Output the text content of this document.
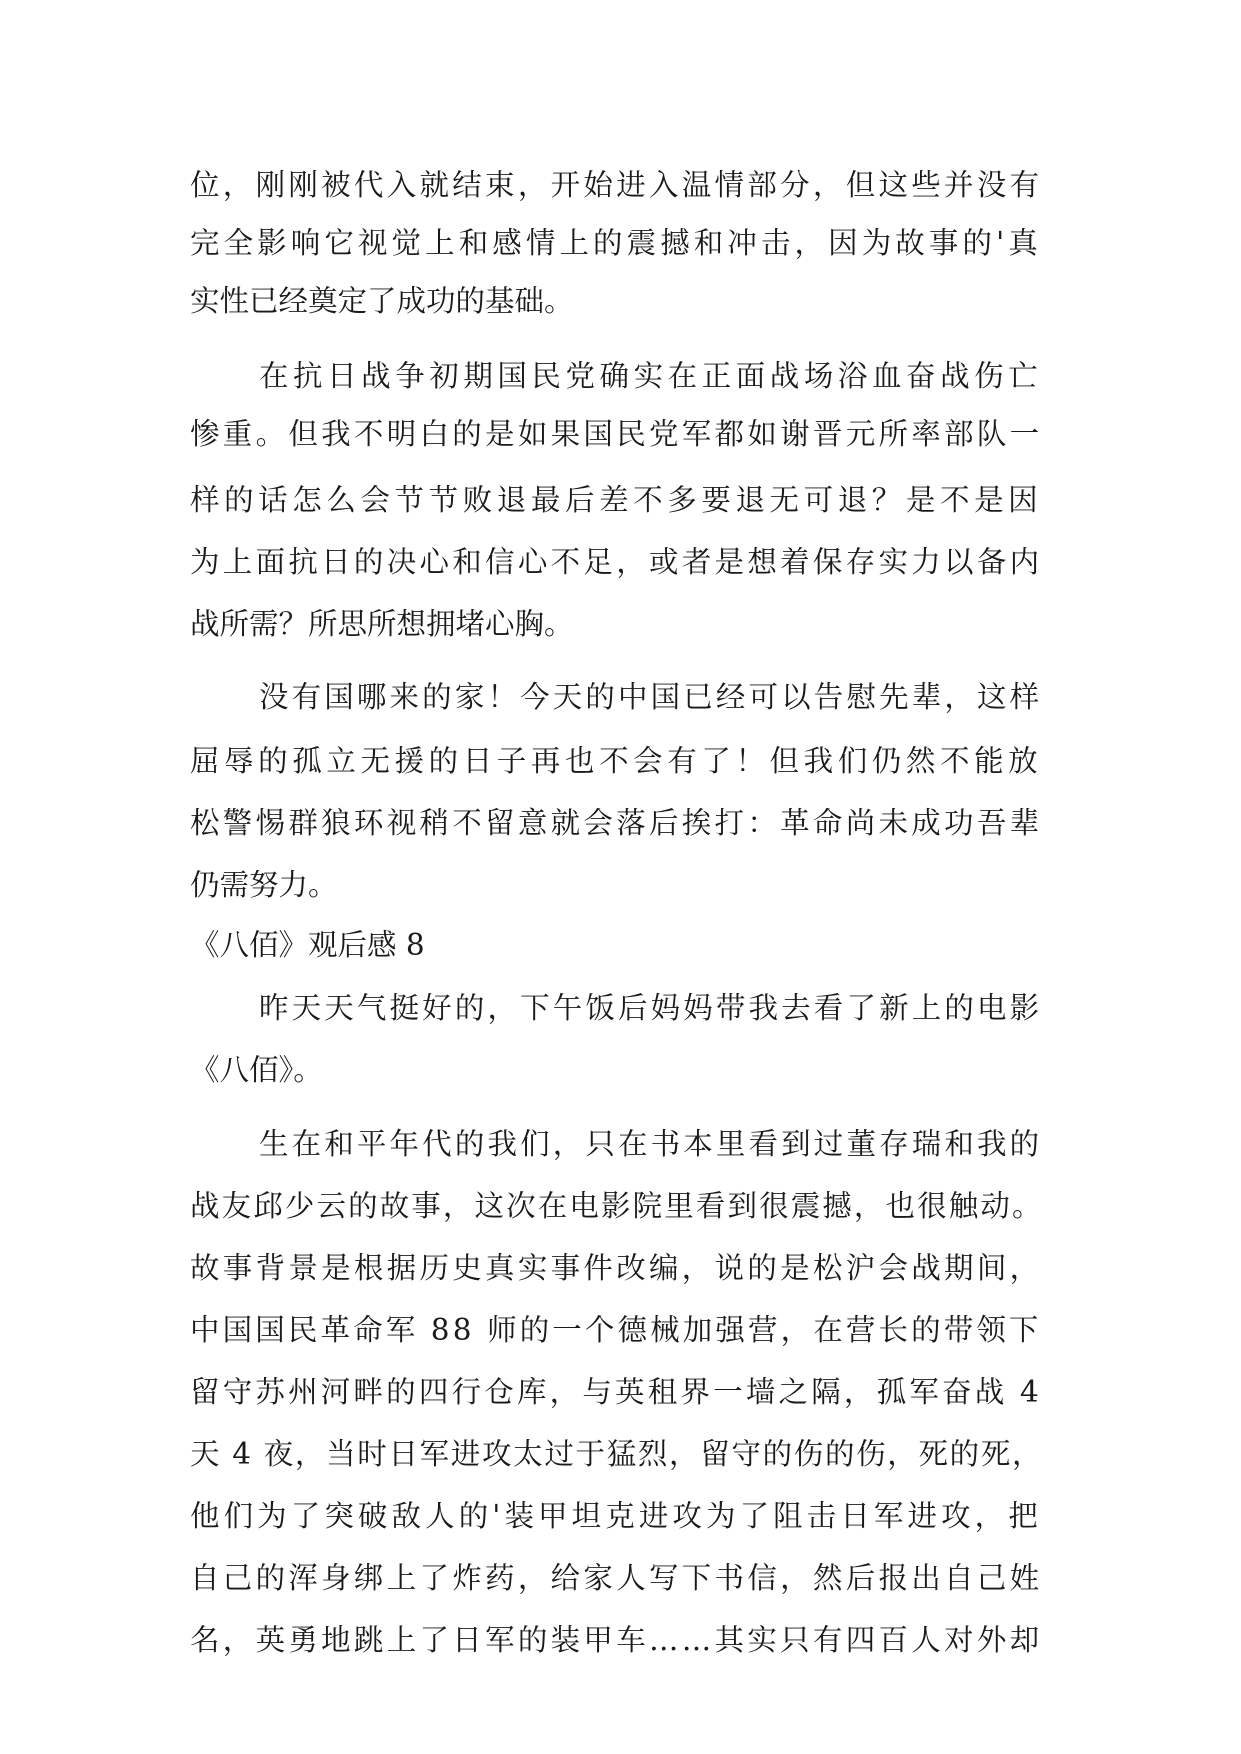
位，刚刚被代入就结束，开始进入温情部分，但这些并没有
完全影响它视觉上和感情上的震撼和冲击，因为故事的'真
实性已经奠定了成功的基础。
在抗日战争初期国民党确实在正面战场浴血奋战伤亡
惨重。但我不明白的是如果国民党军都如谢晋元所率部队一
样的话怎么会节节败退最后差不多要退无可退？是不是因
为上面抗日的决心和信心不足，或者是想着保存实力以备内
战所需？所思所想拥堵心胸。
没有国哪来的家！今天的中国已经可以告慰先辈，这样
屈辱的孤立无援的日子再也不会有了！但我们仍然不能放
松警惕群狼环视稍不留意就会落后挨打：革命尚未成功吾辈
仍需努力。
《八佰》观后感 8
昨天天气挺好的，下午饭后妈妈带我去看了新上的电影
《八佰》。
生在和平年代的我们，只在书本里看到过董存瑞和我的
战友邱少云的故事，这次在电影院里看到很震撼，也很触动。
故事背景是根据历史真实事件改编，说的是松沪会战期间，
中国国民革命军 88 师的一个德械加强营，在营长的带领下
留守苏州河畔的四行仓库，与英租界一墙之隔，孤军奋战 4
天 4 夜，当时日军进攻太过于猛烈，留守的伤的伤，死的死，
他们为了突破敌人的'装甲坦克进攻为了阻击日军进攻，把
自己的浑身绑上了炸药，给家人写下书信，然后报出自己姓
名，英勇地跳上了日军的装甲车……其实只有四百人对外却
